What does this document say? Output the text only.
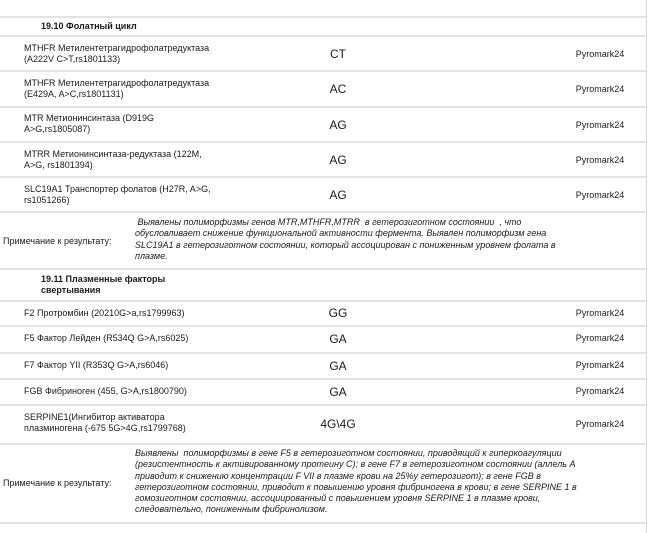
19.10 Фолатный цикл
MTHFR Метилентетрагидрофолатредуктаза
(A222V C>T,rs1801133)	CT	Pyromark24
MTHFR Метилентетрагидрофолатредуктаза
(E429A, A>C,rs1801131)	AC	Pyromark24
MTR Метионинсинтаза (D919G
A>G,rs1805087)	AG	Pyromark24
MTRR Метионинсинтаза-редуктаза (122M,
A>G, rs1801394)	AG	Pyromark24
SLC19A1 Транспортер фолатов (H27R, A>G,
rs1051266)	AG	Pyromark24
Примечание к результату:
Выявлены полиморфизмы генов MTR,MTHFR,MTRR  в гетерозиготном состоянии  , что
обусловливает снижение функциональной активности фермента. Выявлен полиморфизм гена
SLC19A1 в гетерозиготном состоянии, который ассоциирован с пониженным уровнем фолата в
плазме.
19.11 Плазменные факторы
свертывания
F2 Протромбин (20210G>a,rs1799963)	GG	Pyromark24
F5 Фактор Лейден (R534Q G>A,rs6025)	GA	Pyromark24
F7 Фактор YII (R353Q G>A,rs6046)	GA	Pyromark24
FGB Фибриноген (455, G>A,rs1800790)	GA	Pyromark24
SERPINE1(Ингибитор активатора
плазминогена (-675 5G>4G,rs1799768)	4G\4G	Pyromark24
Примечание к результату:
Выявлены  полиморфизмы в гене F5 в гетерозиготном состоянии, приводящий к гиперкоагуляции
(резистентность к активированному протеину С); в гене F7 в гетерозиготном состоянии (аллель А
приводит к снижению концентрации F VII в плазме крови на 25%у гетерозигот); в гене FGB в
гетерозиготном состоянии, приводит к повышению уровня фибриногена в крови; в гене SERPINE 1 в
гомозиготном состоянии, ассоциированный с повышением уровня SERPINE 1 в плазме крови,
следовательно, пониженным фибринолизом.
